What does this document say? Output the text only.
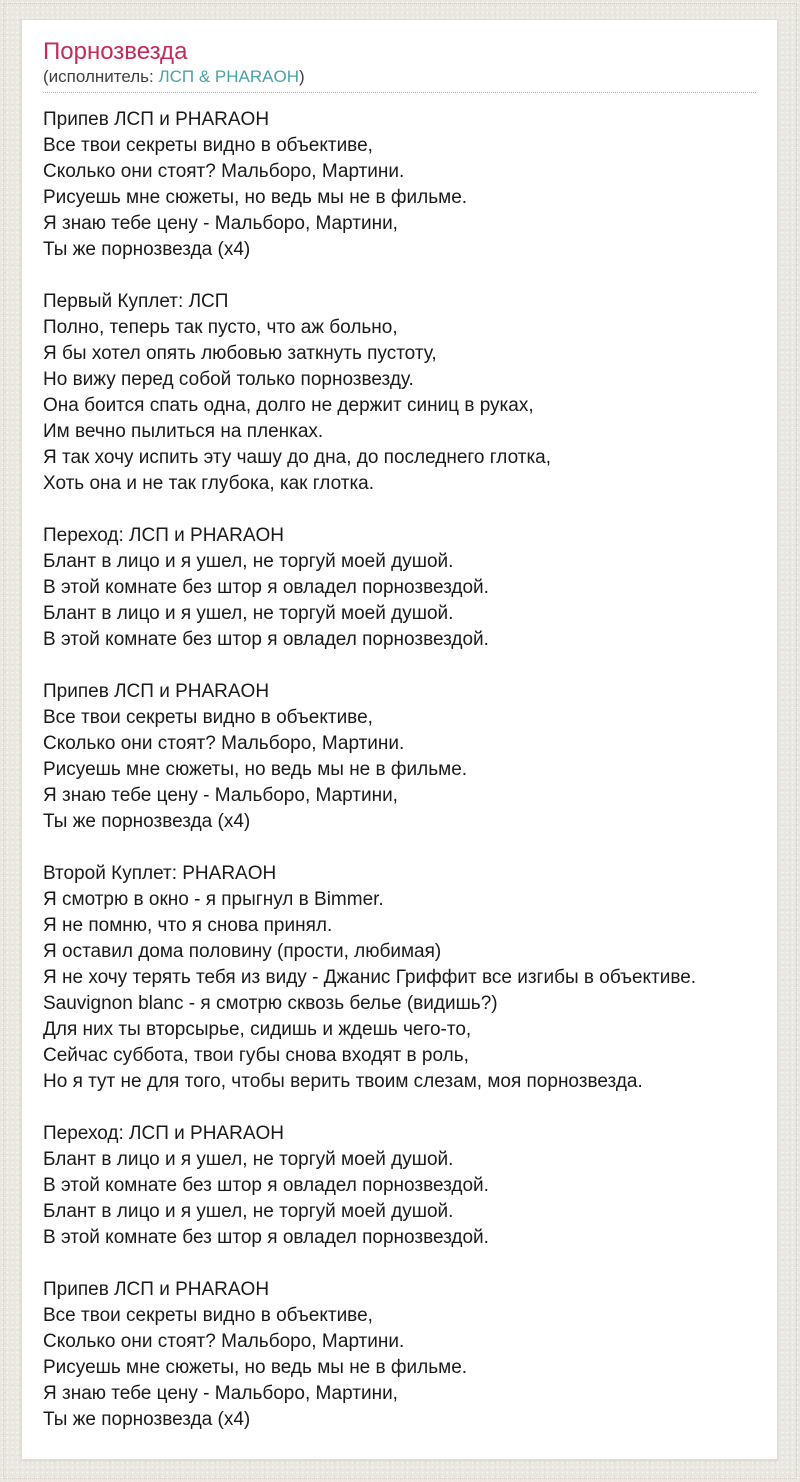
Порнозвезда
(исполнитель: ЛСП & PHARAOH)

Припев ЛСП и PHARAOH
Все твои секреты видно в объективе,
Сколько они стоят? Мальборо, Мартини.
Рисуешь мне сюжеты, но ведь мы не в фильме.
Я знаю тебе цену - Мальборо, Мартини,
Ты же порнозвезда (x4)

Первый Куплет: ЛСП
Полно, теперь так пусто, что аж больно,
Я бы хотел опять любовью заткнуть пустоту,
Но вижу перед собой только порнозвезду.
Она боится спать одна, долго не держит синиц в руках,
Им вечно пылиться на пленках.
Я так хочу испить эту чашу до дна, до последнего глотка,
Хоть она и не так глубока, как глотка.

Переход: ЛСП и PHARAOH
Блант в лицо и я ушел, не торгуй моей душой.
В этой комнате без штор я овладел порнозвездой.
Блант в лицо и я ушел, не торгуй моей душой.
В этой комнате без штор я овладел порнозвездой.

Припев ЛСП и PHARAOH
Все твои секреты видно в объективе,
Сколько они стоят? Мальборо, Мартини.
Рисуешь мне сюжеты, но ведь мы не в фильме.
Я знаю тебе цену - Мальборо, Мартини,
Ты же порнозвезда (x4)

Второй Куплет: PHARAOH
Я смотрю в окно - я прыгнул в Bimmer.
Я не помню, что я снова принял.
Я оставил дома половину (прости, любимая)
Я не хочу терять тебя из виду - Джанис Гриффит все изгибы в объективе.
Sauvignon blanc - я смотрю сквозь белье (видишь?)
Для них ты вторсырье, сидишь и ждешь чего-то,
Сейчас суббота, твои губы снова входят в роль,
Но я тут не для того, чтобы верить твоим слезам, моя порнозвезда.

Переход: ЛСП и PHARAOH
Блант в лицо и я ушел, не торгуй моей душой.
В этой комнате без штор я овладел порнозвездой.
Блант в лицо и я ушел, не торгуй моей душой.
В этой комнате без штор я овладел порнозвездой.

Припев ЛСП и PHARAOH
Все твои секреты видно в объективе,
Сколько они стоят? Мальборо, Мартини.
Рисуешь мне сюжеты, но ведь мы не в фильме.
Я знаю тебе цену - Мальборо, Мартини,
Ты же порнозвезда (x4)
